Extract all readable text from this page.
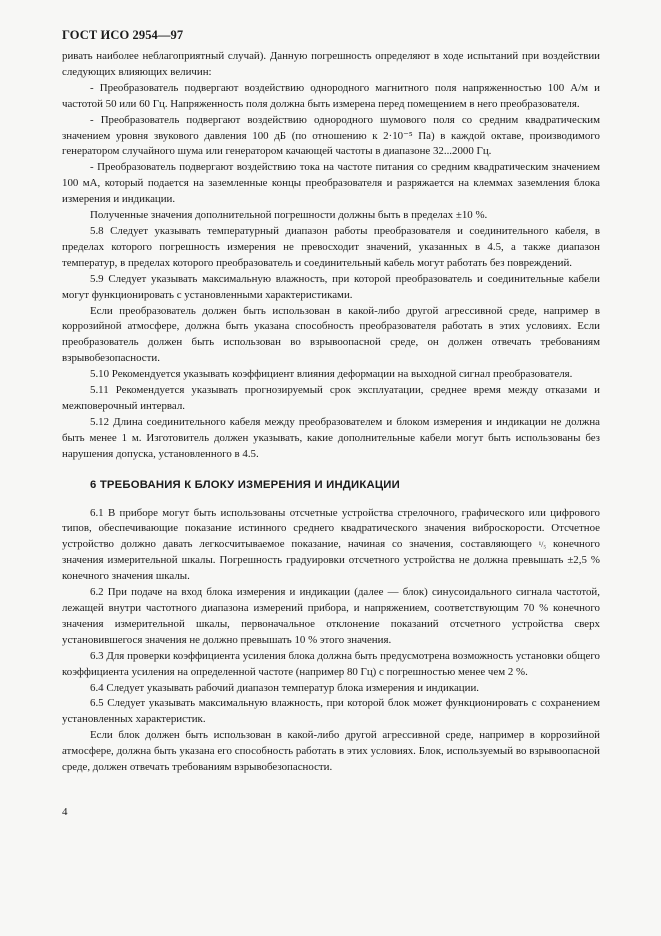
ГОСТ ИСО 2954—97

ривать наиболее неблагоприятный случай). Данную погрешность определяют в ходе испытаний при воздействии следующих влияющих величин:

- Преобразователь подвергают воздействию однородного магнитного поля напряженностью 100 А/м и частотой 50 или 60 Гц. Напряженность поля должна быть измерена перед помещением в него преобразователя.

- Преобразователь подвергают воздействию однородного шумового поля со средним квадратическим значением уровня звукового давления 100 дБ (по отношению к 2·10⁻⁵ Па) в каждой октаве, производимого генератором случайного шума или генератором качающей частоты в диапазоне 32...2000 Гц.

- Преобразователь подвергают воздействию тока на частоте питания со средним квадратическим значением 100 мА, который подается на заземленные концы преобразователя и разряжается на клеммах заземления блока измерения и индикации.

Полученные значения дополнительной погрешности должны быть в пределах ±10 %.

5.8 Следует указывать температурный диапазон работы преобразователя и соединительного кабеля, в пределах которого погрешность измерения не превосходит значений, указанных в 4.5, а также диапазон температур, в пределах которого преобразователь и соединительный кабель могут работать без повреждений.

5.9 Следует указывать максимальную влажность, при которой преобразователь и соединительные кабели могут функционировать с установленными характеристиками.

Если преобразователь должен быть использован в какой-либо другой агрессивной среде, например в коррозийной атмосфере, должна быть указана способность преобразователя работать в этих условиях. Если преобразователь должен быть использован во взрывоопасной среде, он должен отвечать требованиям взрывобезопасности.

5.10 Рекомендуется указывать коэффициент влияния деформации на выходной сигнал преобразователя.

5.11 Рекомендуется указывать прогнозируемый срок эксплуатации, среднее время между отказами и межповерочный интервал.

5.12 Длина соединительного кабеля между преобразователем и блоком измерения и индикации не должна быть менее 1 м. Изготовитель должен указывать, какие дополнительные кабели могут быть использованы без нарушения допуска, установленного в 4.5.

6 ТРЕБОВАНИЯ К БЛОКУ ИЗМЕРЕНИЯ И ИНДИКАЦИИ

6.1 В приборе могут быть использованы отсчетные устройства стрелочного, графического или цифрового типов, обеспечивающие показание истинного среднего квадратического значения виброскорости. Отсчетное устройство должно давать легкосчитываемое показание, начиная со значения, составляющего ¹/₅ конечного значения измерительной шкалы. Погрешность градуировки отсчетного устройства не должна превышать ±2,5 % конечного значения шкалы.

6.2 При подаче на вход блока измерения и индикации (далее — блок) синусоидального сигнала частотой, лежащей внутри частотного диапазона измерений прибора, и напряжением, соответствующим 70 % конечного значения измерительной шкалы, первоначальное отклонение показаний отсчетного устройства сверх установившегося значения не должно превышать 10 % этого значения.

6.3 Для проверки коэффициента усиления блока должна быть предусмотрена возможность установки общего коэффициента усиления на определенной частоте (например 80 Гц) с погрешностью менее чем 2 %.

6.4 Следует указывать рабочий диапазон температур блока измерения и индикации.

6.5 Следует указывать максимальную влажность, при которой блок может функционировать с сохранением установленных характеристик.

Если блок должен быть использован в какой-либо другой агрессивной среде, например в коррозийной атмосфере, должна быть указана его способность работать в этих условиях. Блок, используемый во взрывоопасной среде, должен отвечать требованиям взрывобезопасности.

4
